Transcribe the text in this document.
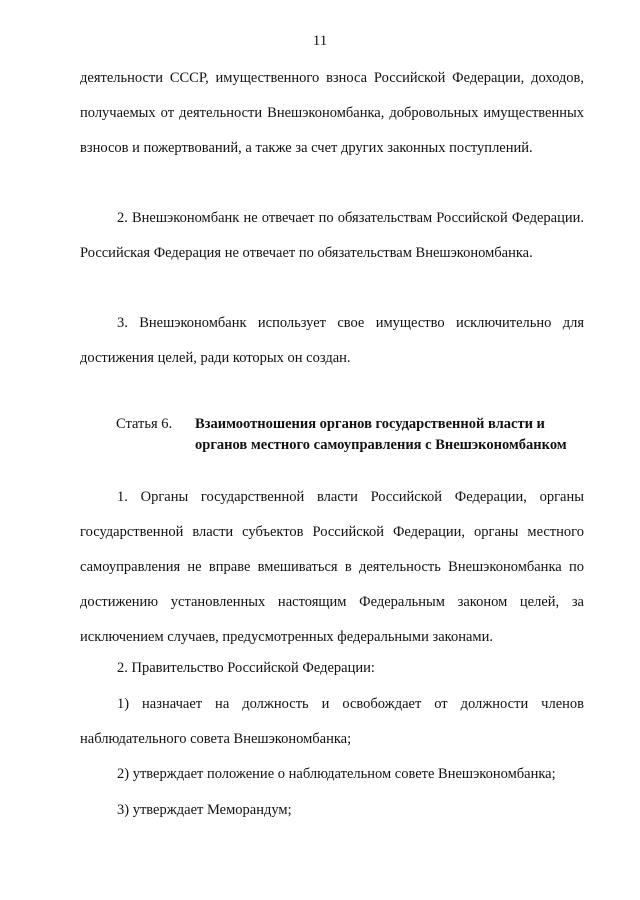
11

деятельности СССР, имущественного взноса Российской Федерации, доходов, получаемых от деятельности Внешэкономбанка, добровольных имущественных взносов и пожертвований, а также за счет других законных поступлений.

2. Внешэкономбанк не отвечает по обязательствам Российской Федерации. Российская Федерация не отвечает по обязательствам Внешэкономбанка.

3. Внешэкономбанк использует свое имущество исключительно для достижения целей, ради которых он создан.

Статья 6. Взаимоотношения органов государственной власти и органов местного самоуправления с Внешэкономбанком

1. Органы государственной власти Российской Федерации, органы государственной власти субъектов Российской Федерации, органы местного самоуправления не вправе вмешиваться в деятельность Внешэкономбанка по достижению установленных настоящим Федеральным законом целей, за исключением случаев, предусмотренных федеральными законами.

2. Правительство Российской Федерации:

1) назначает на должность и освобождает от должности членов наблюдательного совета Внешэкономбанка;

2) утверждает положение о наблюдательном совете Внешэкономбанка;

3) утверждает Меморандум;
